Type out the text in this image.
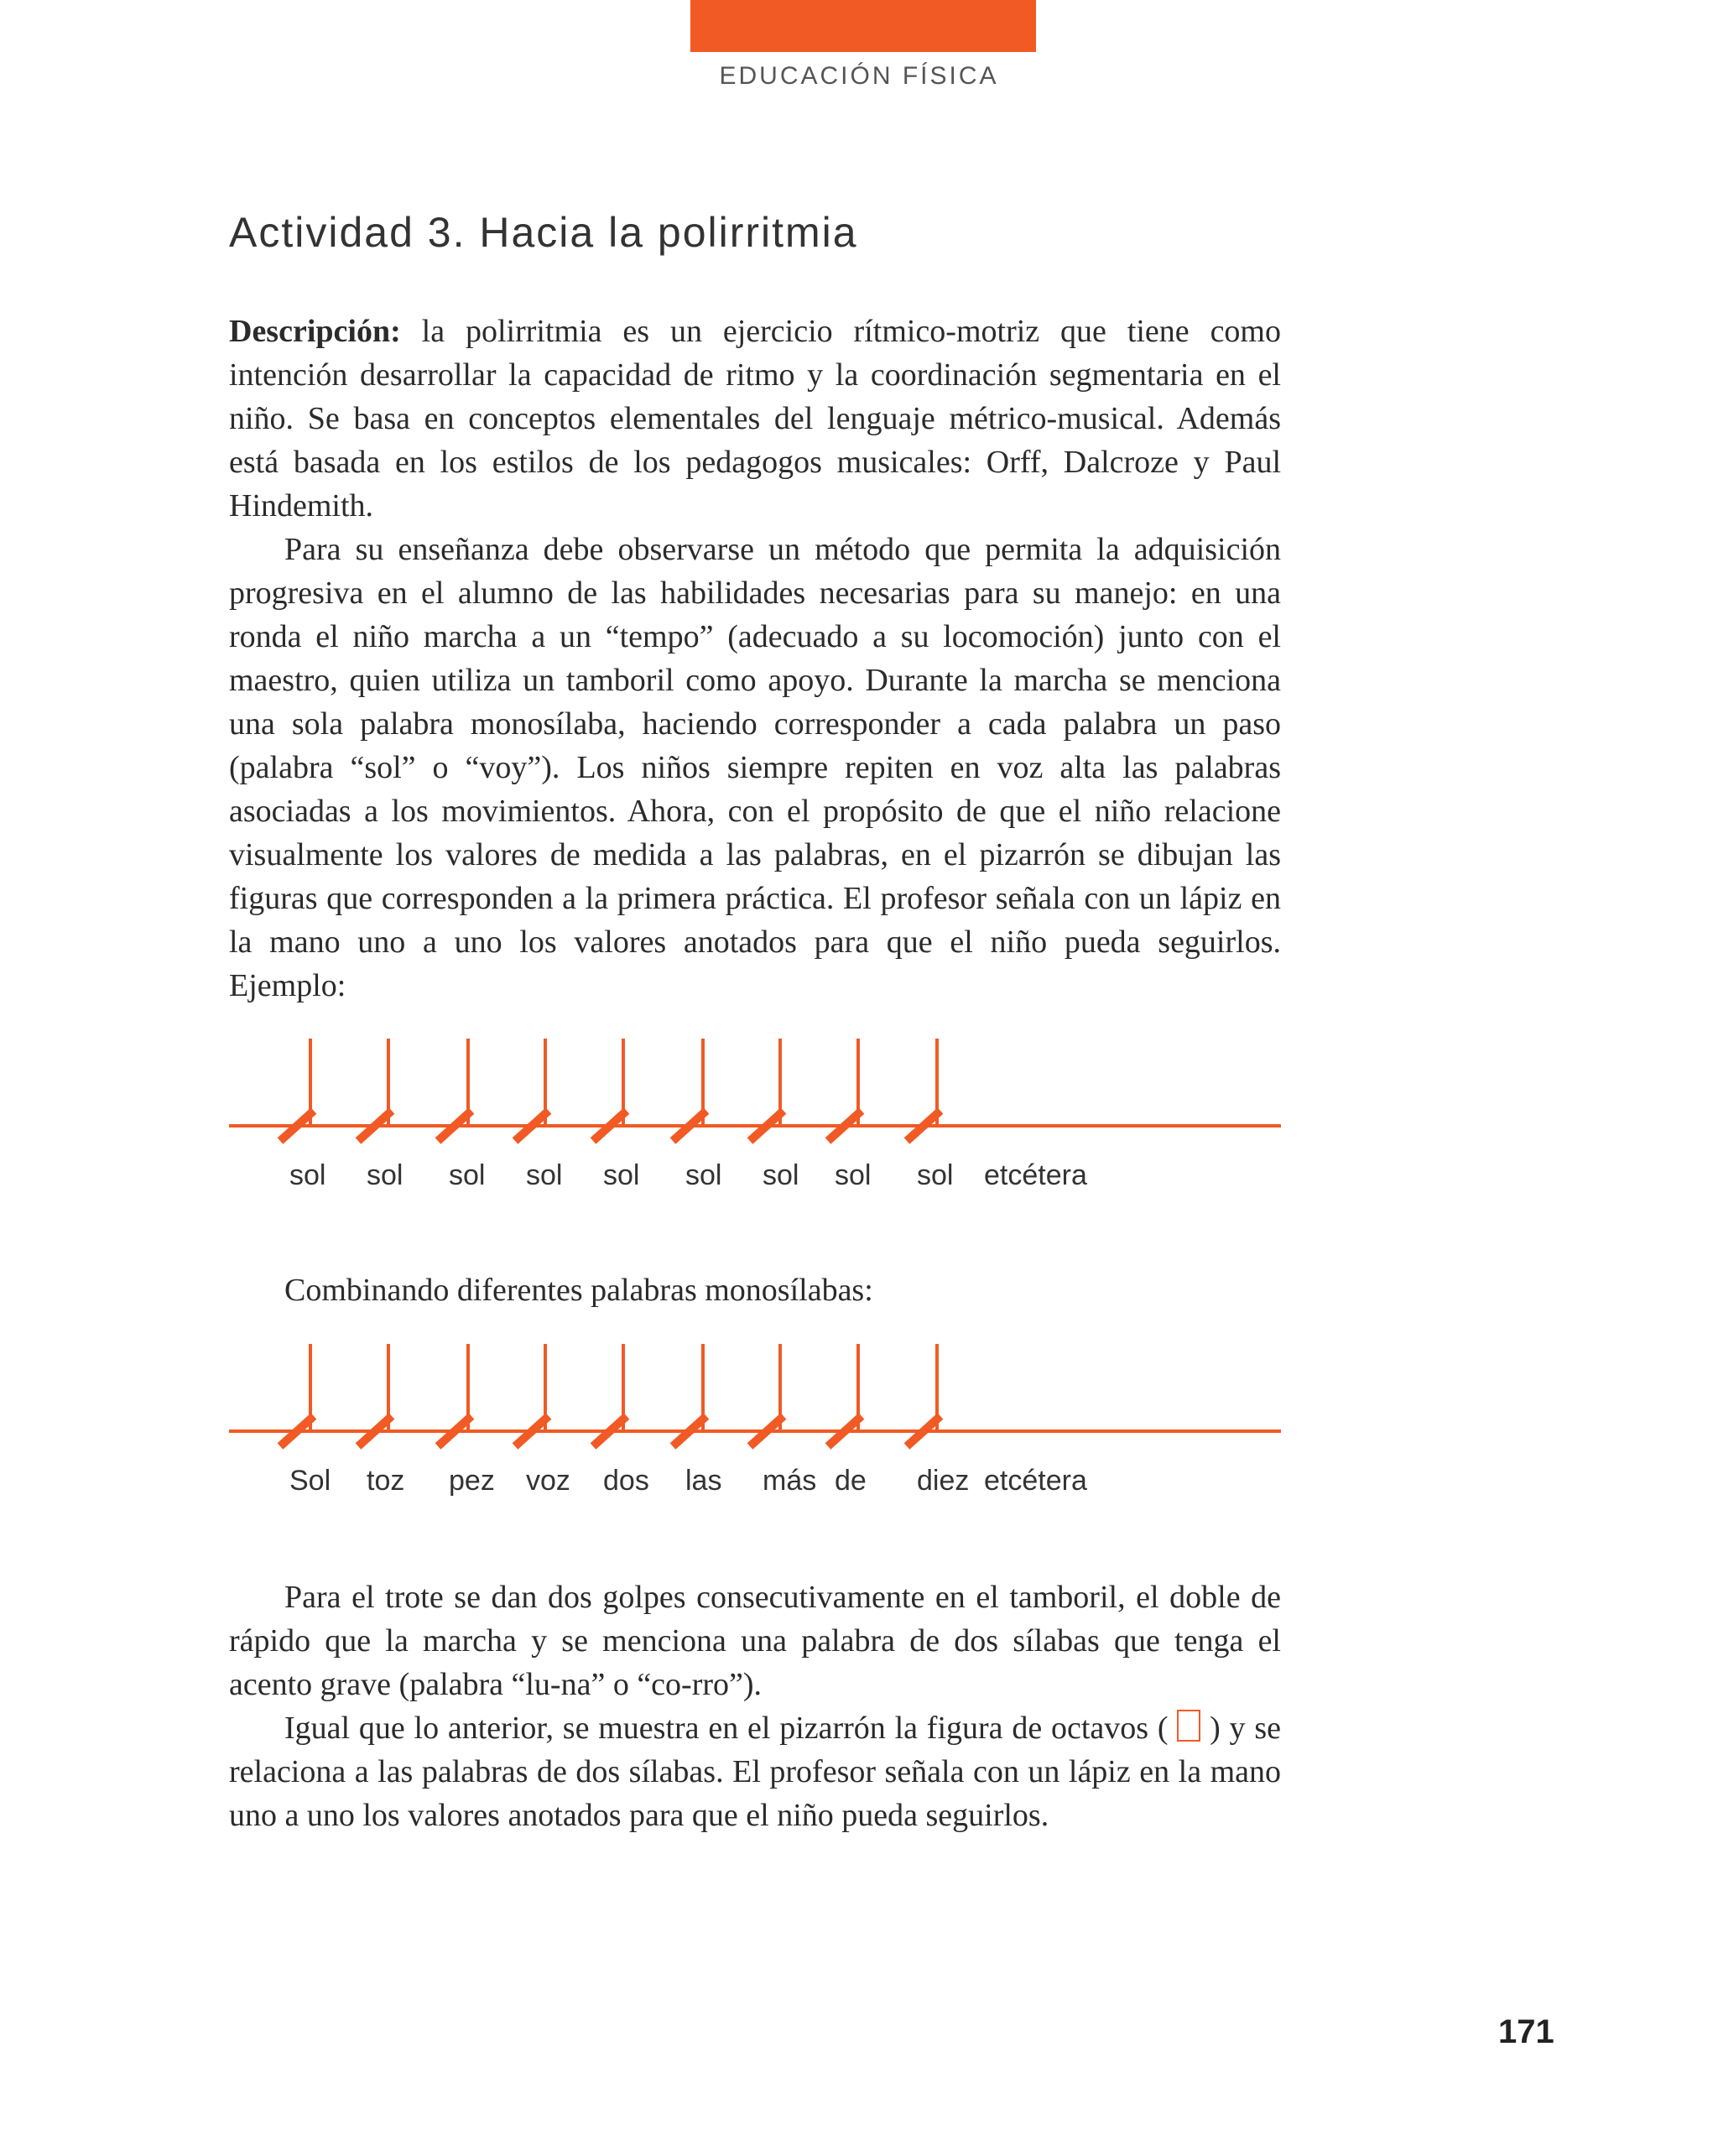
EDUCACIÓN FÍSICA
Actividad 3. Hacia la polirritmia

Descripción: la polirritmia es un ejercicio rítmico-motriz que tiene como intención desarrollar la capacidad de ritmo y la coordinación segmentaria en el niño. Se basa en conceptos elementales del lenguaje métrico-musical. Además está basada en los estilos de los pedagogos musicales: Orff, Dalcroze y Paul Hindemith.

Para su enseñanza debe observarse un método que permita la adquisición progresiva en el alumno de las habilidades necesarias para su manejo: en una ronda el niño marcha a un “tempo” (adecuado a su locomoción) junto con el maestro, quien utiliza un tamboril como apoyo. Durante la marcha se menciona una sola palabra monosílaba, haciendo corresponder a cada palabra un paso (palabra “sol” o “voy”). Los niños siempre repiten en voz alta las palabras asociadas a los movimientos. Ahora, con el propósito de que el niño relacione visualmente los valores de medida a las palabras, en el pizarrón se dibujan las figuras que corresponden a la primera práctica. El profesor señala con un lápiz en la mano uno a uno los valores anotados para que el niño pueda seguirlos. Ejemplo:

sol sol sol sol sol sol sol sol sol etcétera
Sol toz pez voz dos las más de diez etcétera

Combinando diferentes palabras monosílabas:

Para el trote se dan dos golpes consecutivamente en el tamboril, el doble de rápido que la marcha y se menciona una palabra de dos sílabas que tenga el acento grave (palabra “lu-na” o “co-rro”).

Igual que lo anterior, se muestra en el pizarrón la figura de octavos ( ) y se relaciona a las palabras de dos sílabas. El profesor señala con un lápiz en la mano uno a uno los valores anotados para que el niño pueda seguirlos.

171
